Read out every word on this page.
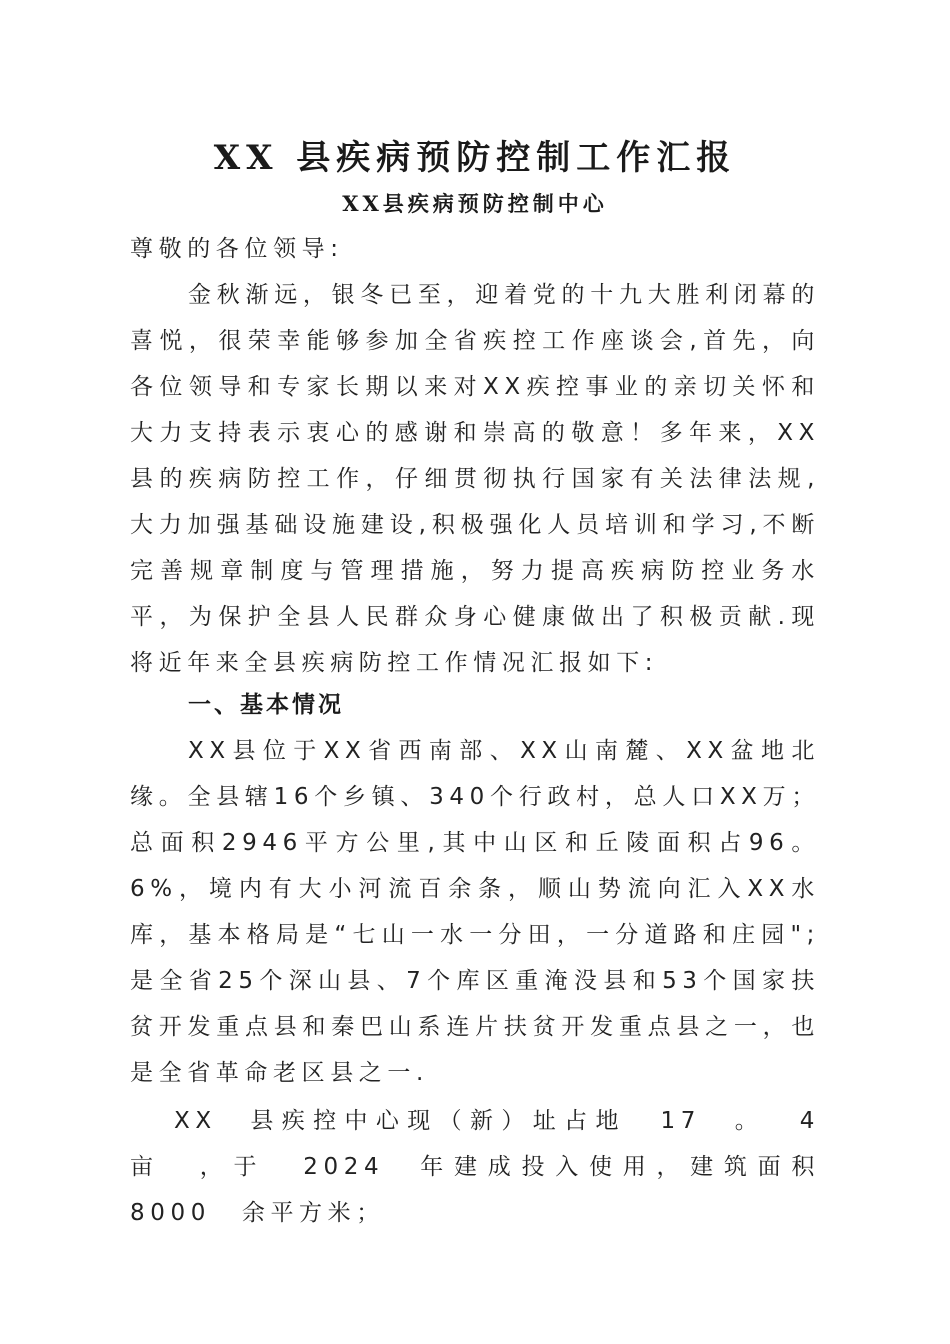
XX 县疾病预防控制工作汇报
XX县疾病预防控制中心
尊敬的各位领导:
金秋渐远，银冬已至，迎着党的十九大胜利闭幕的喜悦，很荣幸能够参加全省疾控工作座谈会,首先，向各位领导和专家长期以来对XX疾控事业的亲切关怀和大力支持表示衷心的感谢和崇高的敬意！多年来，XX县的疾病防控工作，仔细贯彻执行国家有关法律法规,大力加强基础设施建设,积极强化人员培训和学习,不断完善规章制度与管理措施，努力提高疾病防控业务水平，为保护全县人民群众身心健康做出了积极贡献.现将近年来全县疾病防控工作情况汇报如下:
一、基本情况
XX县位于XX省西南部、XX山南麓、XX盆地北缘。全县辖16个乡镇、340个行政村，总人口XX万；总面积2946平方公里,其中山区和丘陵面积占96。6%，境内有大小河流百余条，顺山势流向汇入XX水库，基本格局是“七山一水一分田，一分道路和庄园";是全省25个深山县、7个库区重淹没县和53个国家扶贫开发重点县和秦巴山系连片扶贫开发重点县之一，也是全省革命老区县之一.
XX 县疾控中心现（新）址占地 17 。 4 亩 ，于 2024 年建成投入使用，建筑面积 8000 余平方米；
